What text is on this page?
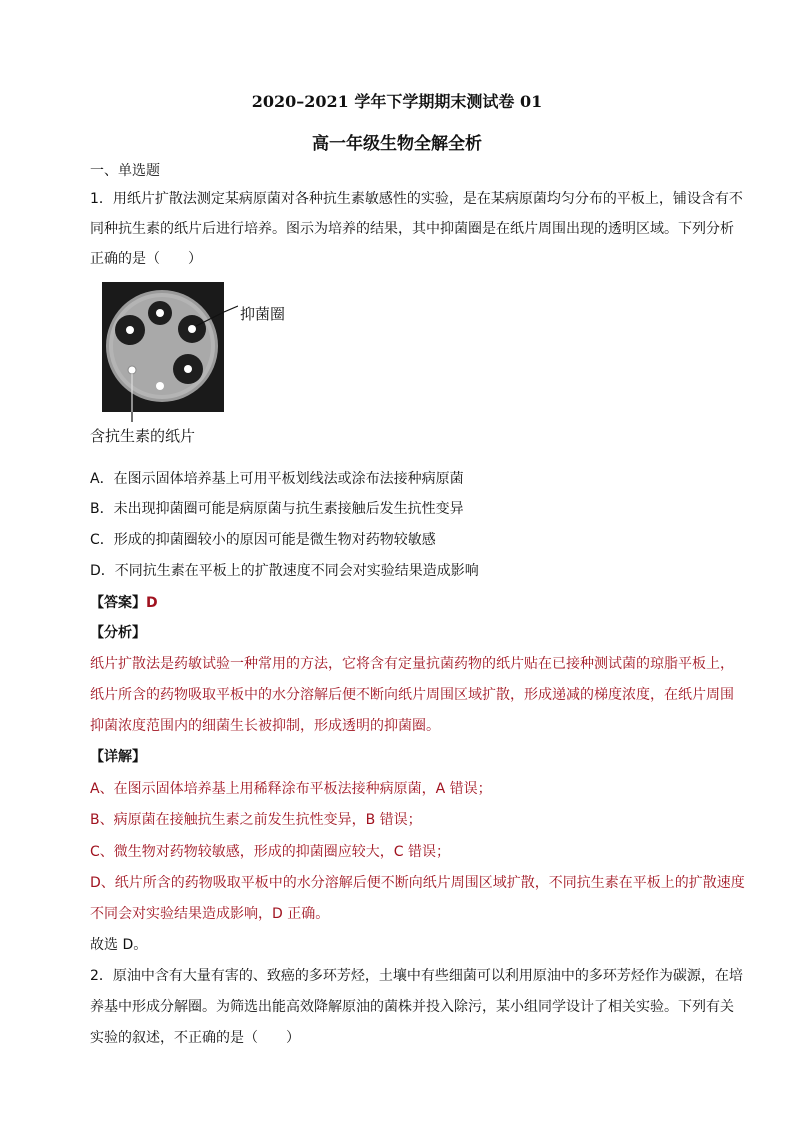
2020–2021 学年下学期期末测试卷 01
高一年级生物全解全析
一、单选题
1．用纸片扩散法测定某病原菌对各种抗生素敏感性的实验，是在某病原菌均匀分布的平板上，铺设含有不
同种抗生素的纸片后进行培养。图示为培养的结果，其中抑菌圈是在纸片周围出现的透明区域。下列分析
正确的是（　　）
抑菌圈
含抗生素的纸片
A．在图示固体培养基上可用平板划线法或涂布法接种病原菌
B．未出现抑菌圈可能是病原菌与抗生素接触后发生抗性变异
C．形成的抑菌圈较小的原因可能是微生物对药物较敏感
D．不同抗生素在平板上的扩散速度不同会对实验结果造成影响
【答案】D
【分析】
纸片扩散法是药敏试验一种常用的方法，它将含有定量抗菌药物的纸片贴在已接种测试菌的琼脂平板上，
纸片所含的药物吸取平板中的水分溶解后便不断向纸片周围区域扩散，形成递减的梯度浓度，在纸片周围
抑菌浓度范围内的细菌生长被抑制，形成透明的抑菌圈。
【详解】
A、在图示固体培养基上用稀释涂布平板法接种病原菌，A 错误；
B、病原菌在接触抗生素之前发生抗性变异，B 错误；
C、微生物对药物较敏感，形成的抑菌圈应较大，C 错误；
D、纸片所含的药物吸取平板中的水分溶解后便不断向纸片周围区域扩散，不同抗生素在平板上的扩散速度
不同会对实验结果造成影响，D 正确。
故选 D。
2．原油中含有大量有害的、致癌的多环芳烃，土壤中有些细菌可以利用原油中的多环芳烃作为碳源，在培
养基中形成分解圈。为筛选出能高效降解原油的菌株并投入除污，某小组同学设计了相关实验。下列有关
实验的叙述，不正确的是（　　）
